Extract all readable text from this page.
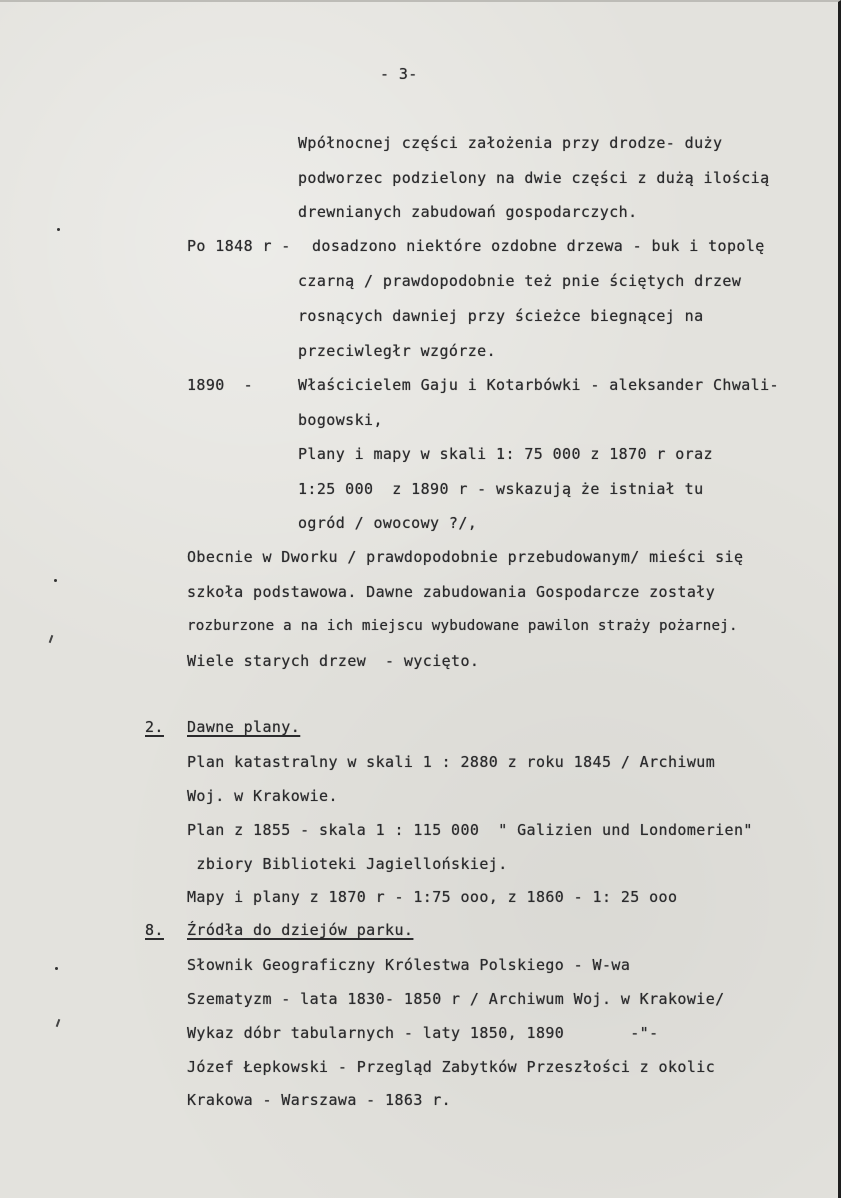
- 3-
Wpółnocnej części założenia przy drodze- duży
podworzec podzielony na dwie części z dużą ilością
drewnianych zabudowań gospodarczych.
Po 1848 r - dosadzono niektóre ozdobne drzewa - buk i topolę
czarną / prawdopodobnie też pnie ściętych drzew
rosnących dawniej przy ścieżce biegnącej na
przeciwległr wzgórze.
1890  -	Właścicielem Gaju i Kotarbówki - aleksander Chwali-
bogowski,
Plany i mapy w skali 1: 75 000 z 1870 r oraz
1:25 000  z 1890 r - wskazują że istniał tu
ogród / owocowy ?/,
Obecnie w Dworku / prawdopodobnie przebudowanym/ mieści się
szkoła podstawowa. Dawne zabudowania Gospodarcze zostały
rozburzone a na ich miejscu wybudowane pawilon straży pożarnej.
Wiele starych drzew  - wycięto.
2. Dawne plany.
Plan katastralny w skali 1 : 2880 z roku 1845 / Archiwum
Woj. w Krakowie.
Plan z 1855 - skala 1 : 115 000  " Galizien und Londomerien"
zbiory Biblioteki Jagiellońskiej.
Mapy i plany z 1870 r - 1:75 ooo, z 1860 - 1: 25 ooo
8. Źródła do dziejów parku.
Słownik Geograficzny Królestwa Polskiego - W-wa
Szematyzm - lata 1830- 1850 r / Archiwum Woj. w Krakowie/
Wykaz dóbr tabularnych - laty 1850, 1890       -"-
Józef Łepkowski - Przegląd Zabytków Przeszłości z okolic
Krakowa - Warszawa - 1863 r.
